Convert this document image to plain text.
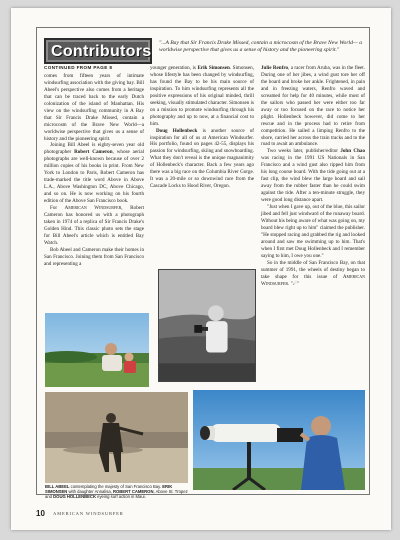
Contributors "...A Bay that Sir Francis Drake Missed, contain a microcosm of the Brave New World— a worldwise perspective that gives us a sense of history and the pioneering spirit."
CONTINUED FROM PAGE 8

comes from fifteen years of intimate windsurfing association with the giving bay. Bill Abeel's perspective also comes from a heritage that can be traced back to the early Dutch colonization of the island of Manhattan. His view on the windsurfing community in A Bay that Sir Francis Drake Missed, contain a microcosm of the Brave New World—a worldwise perspective that gives us a sense of history and the pioneering spirit.

Joining Bill Abeel is eighty-seven year old photographer Robert Cameron, whose aerial photographs are well-known because of over 2 million copies of his books in print. From New York to London to Paris, Robert Cameron has trade-marked the title word Above in Above L.A., Above Washington DC, Above Chicago, and so on. He is now working on his fourth edition of the Above San Francisco book.

For American Windsurfer, Robert Cameron has honored us with a photograph taken in 1974 of a replica of Sir Francis Drake's Golden Hind. This classic photo sets the stage for Bill Abeel's article which is entitled Bay Watch.

Bob Abeel and Cameron make their homes in San Francisco. Joining them from San Francisco and representing a

younger generation, is Erik Simonsen. Simonsen, whose lifestyle has been changed by windsurfing, has found the Bay to be his main source of inspiration. To him windsurfing represents all the positive expressions of his original minded, thrill seeking, visually stimulated character. Simonsen is on a mission to promote windsurfing through his photography and up to now, at a financial cost to him.

Doug Hollenbeck is another source of inspiration for all of us at American Windsurfer. His portfolio, found on pages 42-55, displays his passion for windsurfing, skiing and snowboarding. What they don't reveal is the unique magnanimity of Hollenbeck's character. Back a few years ago there was a big race on the Columbia River Gorge. It was a 20-mile or so downwind race from the Cascade Locks to Hood River, Oregon.

Julie Renfro, a racer from Aruba, was in the fleet. During one of her jibes, a wind gust tore her off the board and broke her ankle. Frightened, in pain and in freezing waters, Renfro waved and screamed for help for 40 minutes, while most of the sailors who passed her were either too far away or too focused on the race to notice her plight. Hollenbeck however, did come to her rescue and in the process had to retire from competition. He sailed a limping Renfro to the shore, carried her across the train tracks and to the road to await an ambulance.

Two weeks later, publisher/editor John Chao was racing in the 1991 US Nationals in San Francisco and a wind gust also ripped him from his long course board. With the tide going out at a fast clip, the wind blew the large board and sail away from the rubber faster than he could swim against the tide. After a ten-minute struggle, they were good long distance apart.

"Just when I gave up, out of the blue, this sailor jibed and fell just windward of the runaway board. Without his being aware of what was going on, my board blew right up to him" claimed the publisher. "He stopped racing and grabbed the rig and looked around and saw me swimming up to him. That's when I first met Doug Hollenbeck and I remember saying to him, I owe you one."

So in the middle of San Francisco Bay, on that summer of 1991, the wheels of destiny began to take shape for this issue of American Windsurfer. "☄"

BILL ABEEL contemplating the majesty of San Francisco Bay. ERIK SIMONSEN with daughter Annalisa, ROBERT CAMERON, Above St. Tropez and DOUG HOLLENBECK eyeing surf action in Maui.
10 AMERICAN WINDSURFER
